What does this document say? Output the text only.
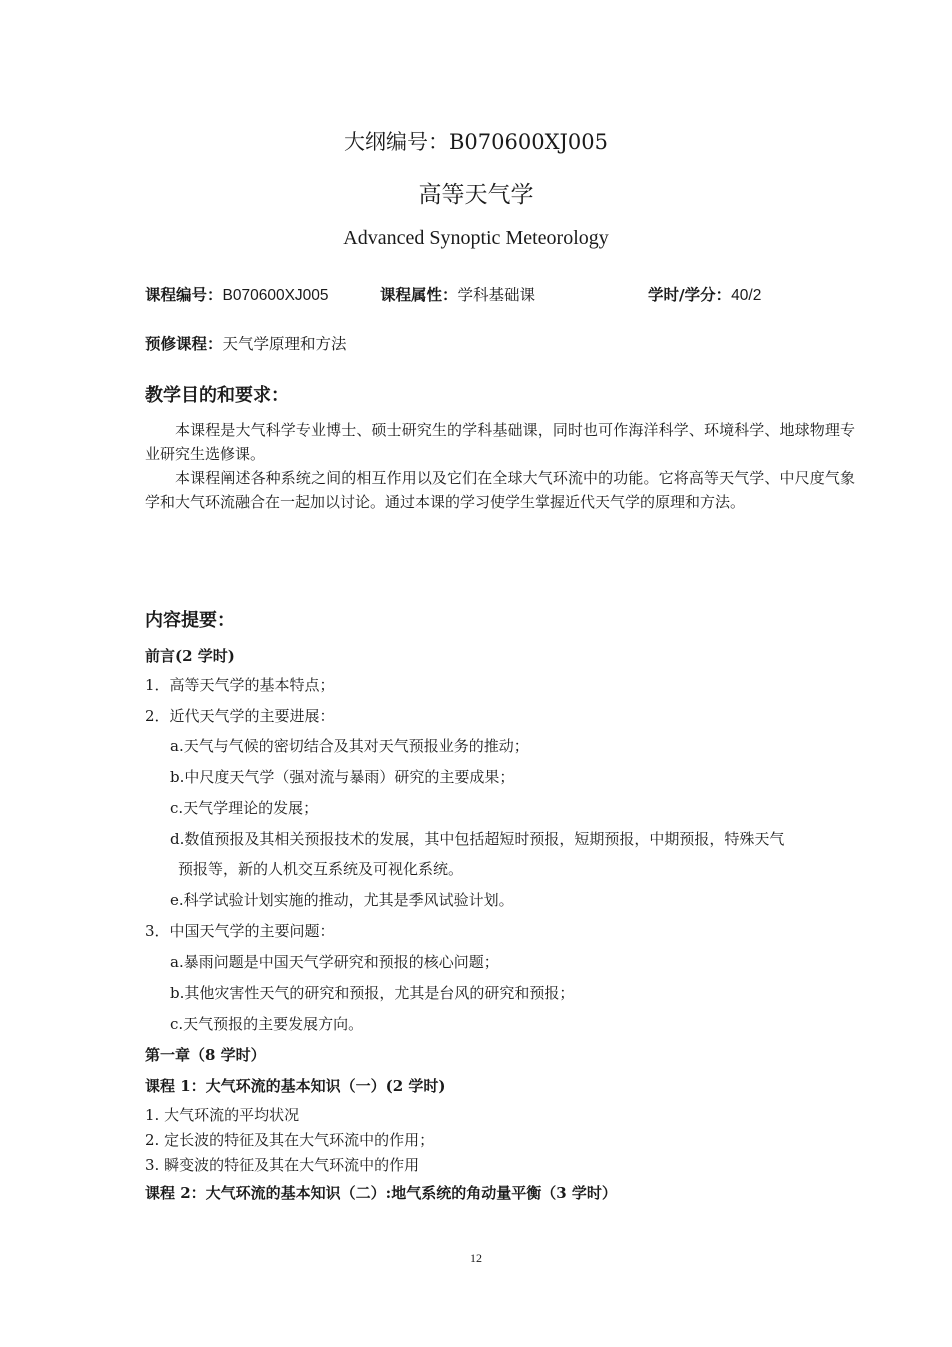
大纲编号：B070600XJ005
高等天气学
Advanced Synoptic Meteorology
课程编号：B070600XJ005	课程属性：学科基础课	学时/学分：40/2
预修课程：天气学原理和方法
教学目的和要求：

本课程是大气科学专业博士、硕士研究生的学科基础课，同时也可作海洋科学、环境科学、地球物理专业研究生选修课。

本课程阐述各种系统之间的相互作用以及它们在全球大气环流中的功能。它将高等天气学、中尺度气象学和大气环流融合在一起加以讨论。通过本课的学习使学生掌握近代天气学的原理和方法。

内容提要：
前言(2 学时)
1．高等天气学的基本特点；
2．近代天气学的主要进展：
a.天气与气候的密切结合及其对天气预报业务的推动；
b.中尺度天气学（强对流与暴雨）研究的主要成果；
c.天气学理论的发展；
d.数值预报及其相关预报技术的发展，其中包括超短时预报，短期预报，中期预报，特殊天气
预报等，新的人机交互系统及可视化系统。
e.科学试验计划实施的推动，尤其是季风试验计划。
3．中国天气学的主要问题：
a.暴雨问题是中国天气学研究和预报的核心问题；
b.其他灾害性天气的研究和预报，尤其是台风的研究和预报；
c.天气预报的主要发展方向。
第一章（8 学时）
课程 1：大气环流的基本知识（一）(2 学时)
1. 大气环流的平均状况
2. 定长波的特征及其在大气环流中的作用；
3. 瞬变波的特征及其在大气环流中的作用
课程 2：大气环流的基本知识（二）:地气系统的角动量平衡（3 学时）
12
